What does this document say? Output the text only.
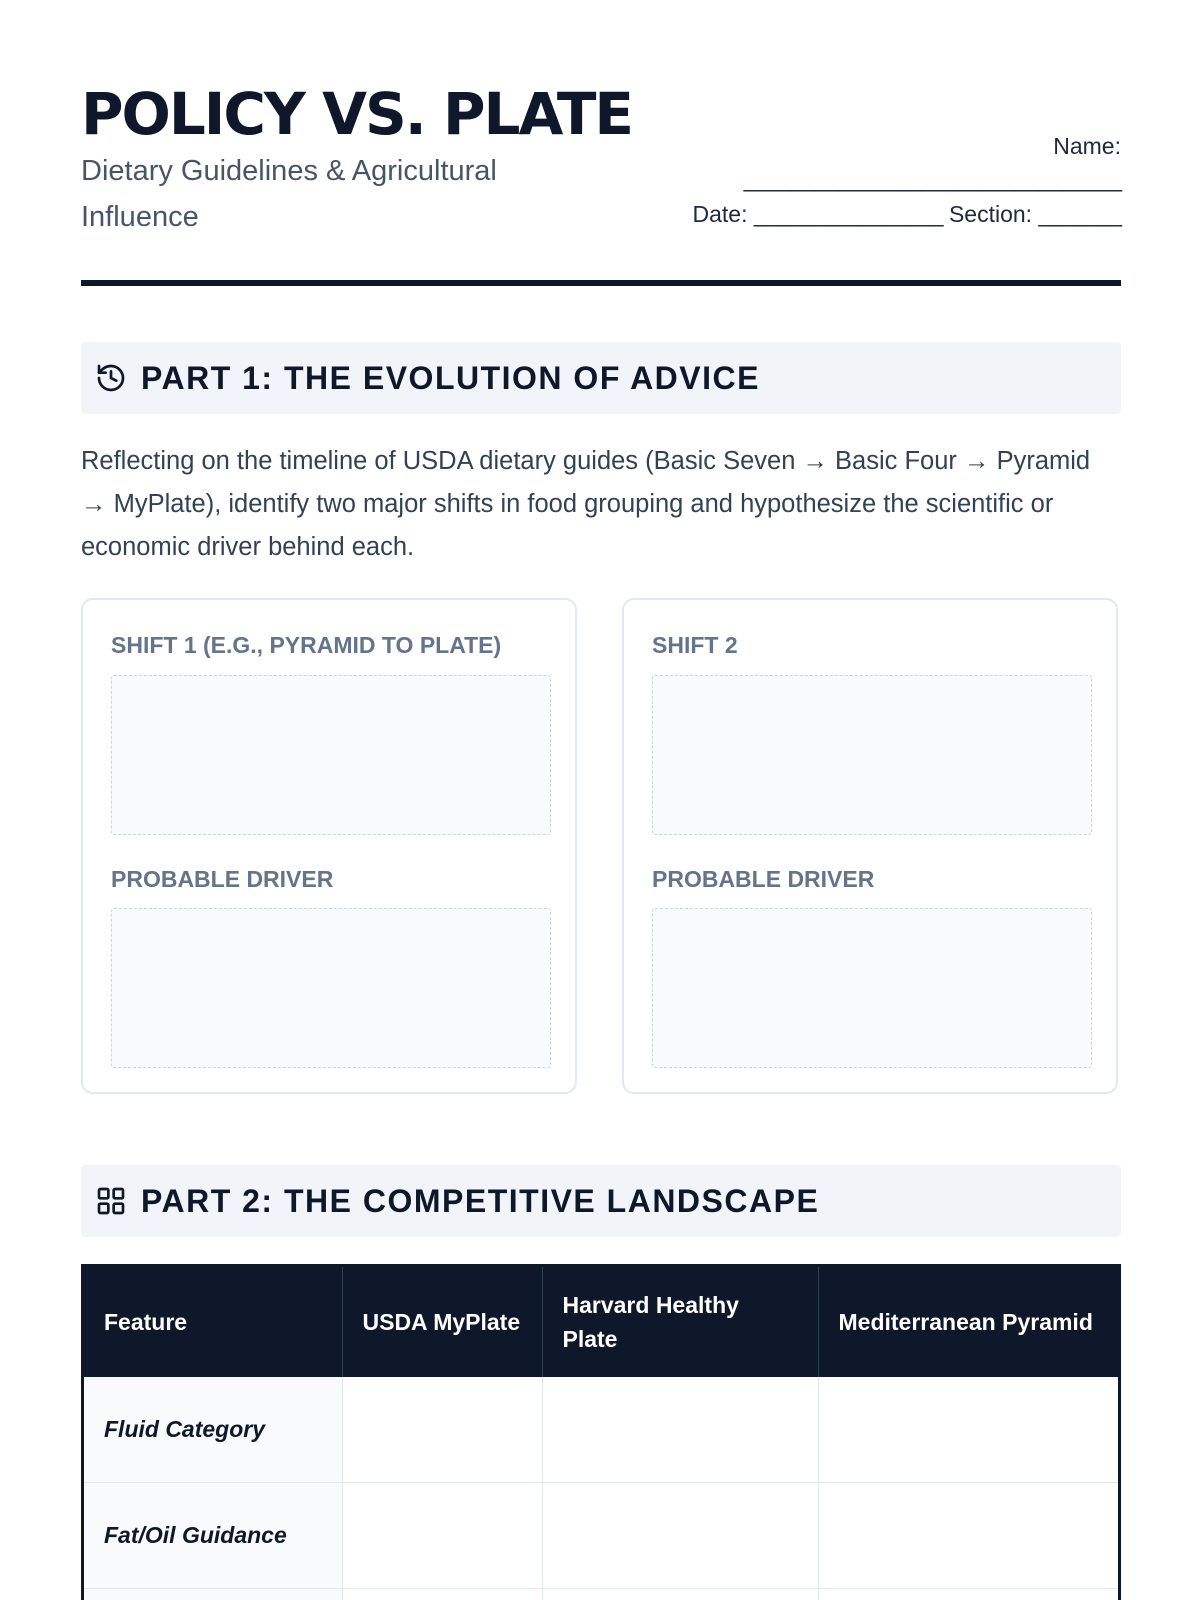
POLICY VS. PLATE
Dietary Guidelines & Agricultural Influence
Name:
________________________________
Date: ________________ Section: _______
PART 1: THE EVOLUTION OF ADVICE
Reflecting on the timeline of USDA dietary guides (Basic Seven → Basic Four → Pyramid → MyPlate), identify two major shifts in food grouping and hypothesize the scientific or economic driver behind each.
SHIFT 1 (E.G., PYRAMID TO PLATE)
PROBABLE DRIVER
SHIFT 2
PROBABLE DRIVER
PART 2: THE COMPETITIVE LANDSCAPE
Feature	USDA MyPlate	Harvard Healthy Plate	Mediterranean Pyramid
Fluid Category			
Fat/Oil Guidance			
